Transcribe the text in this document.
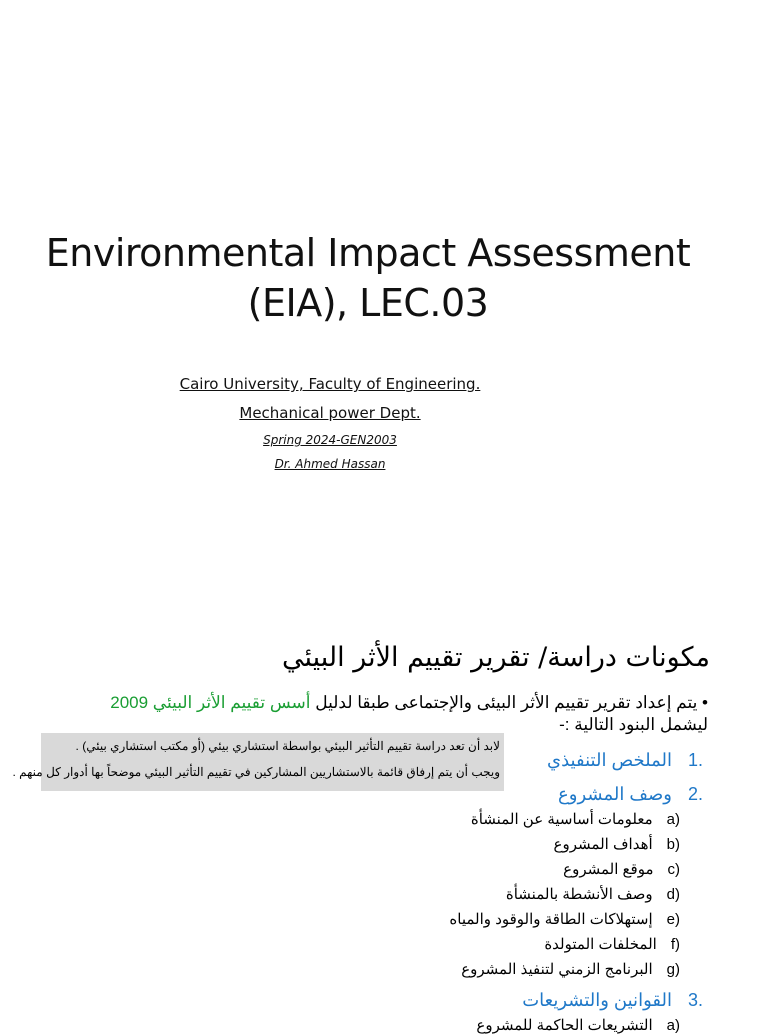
Environmental Impact Assessment
(EIA), LEC.03
Cairo University, Faculty of Engineering.
Mechanical power Dept.
Spring 2024-GEN2003
Dr. Ahmed Hassan
مكونات دراسة/ تقرير تقييم الأثر البيئي
• يتم إعداد تقرير تقييم الأثر البيئى والإجتماعى طبقا لدليل أسس تقييم الأثر البيئي 2009
ليشمل البنود التالية :-
لابد أن تعد دراسة تقييم التأثير البيئي بواسطة استشاري بيئي (أو مكتب استشاري بيئي) .
ويجب أن يتم إرفاق قائمة بالاستشاريين المشاركين في تقييم التأثير البيئي موضحاً بها أدوار كل منهم .
.1الملخص التنفيذي
.2وصف المشروع
(aمعلومات أساسية عن المنشأة
(bأهداف المشروع
(cموقع المشروع
(dوصف الأنشطة بالمنشأة
(eإستهلاكات الطاقة والوقود والمياه
(fالمخلفات المتولدة
(gالبرنامج الزمني لتنفيذ المشروع
.3القوانين والتشريعات
(aالتشريعات الحاكمة للمشروع
